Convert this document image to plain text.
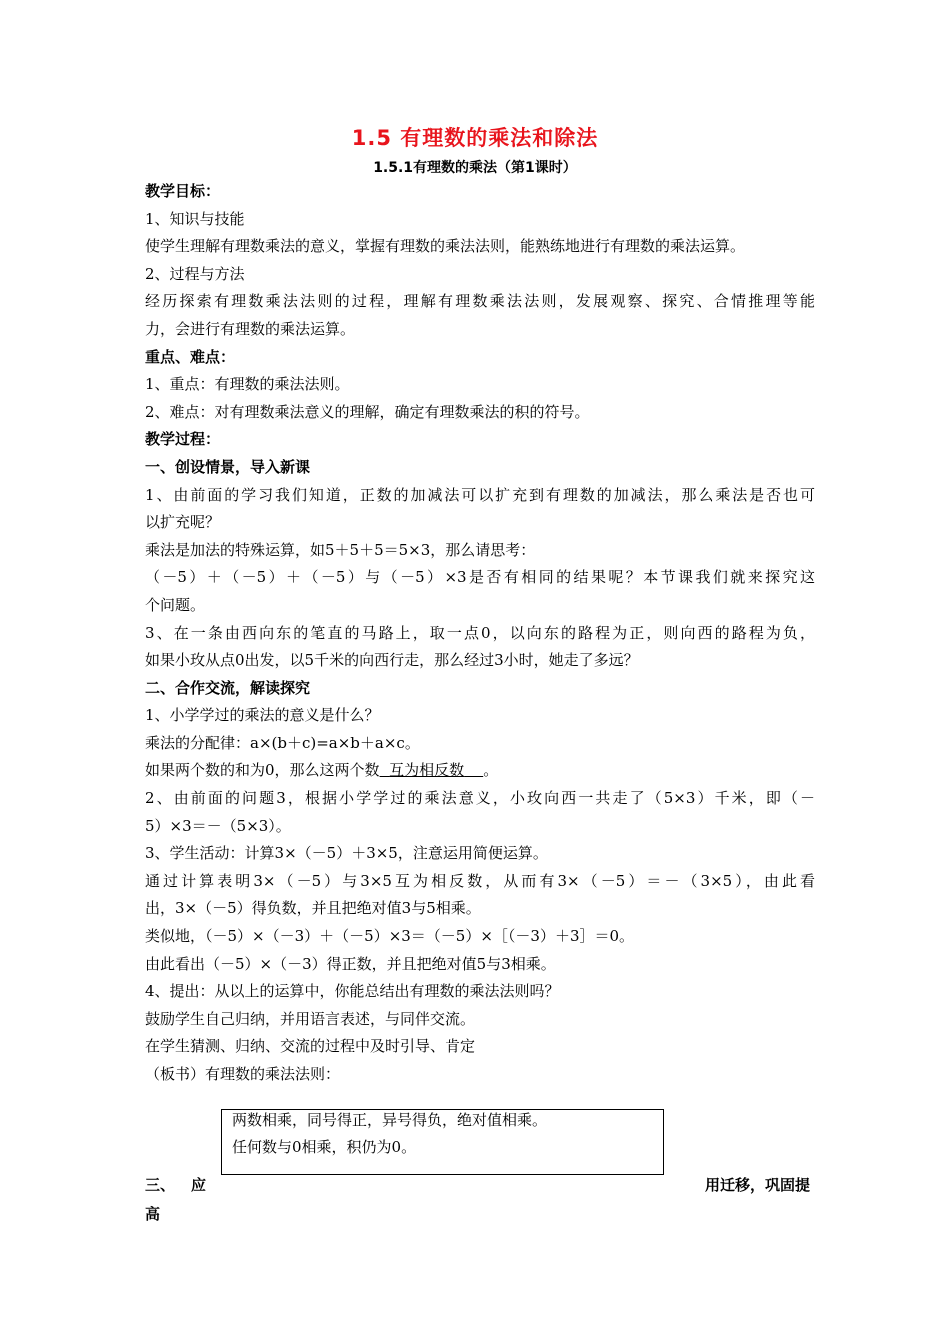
1.5 有理数的乘法和除法
1.5.1有理数的乘法（第1课时）
教学目标：
1、知识与技能
使学生理解有理数乘法的意义，掌握有理数的乘法法则，能熟练地进行有理数的乘法运算。
2、过程与方法
经历探索有理数乘法法则的过程，理解有理数乘法法则，发展观察、探究、合情推理等能
力，会进行有理数的乘法运算。
重点、难点：
1、重点：有理数的乘法法则。
2、难点：对有理数乘法意义的理解，确定有理数乘法的积的符号。
教学过程：
一、创设情景，导入新课
1、由前面的学习我们知道，正数的加减法可以扩充到有理数的加减法，那么乘法是否也可
以扩充呢？
乘法是加法的特殊运算，如5＋5＋5＝5×3，那么请思考：
（－5）＋（－5）＋（－5）与（－5）×3是否有相同的结果呢？本节课我们就来探究这
个问题。
3、在一条由西向东的笔直的马路上，取一点0，以向东的路程为正，则向西的路程为负，
如果小玫从点0出发，以5千米的向西行走，那么经过3小时，她走了多远？
二、合作交流，解读探究
1、小学学过的乘法的意义是什么？
乘法的分配律：a×(b＋c)=a×b＋a×c。
如果两个数的和为0，那么这两个数 互为相反数 。
2、由前面的问题3，根据小学学过的乘法意义，小玫向西一共走了（5×3）千米，即（－
5）×3＝－（5×3）。
3、学生活动：计算3×（－5）＋3×5，注意运用简便运算。
通过计算表明3×（－5）与3×5互为相反数，从而有3×（－5）＝－（3×5），由此看
出，3×（－5）得负数，并且把绝对值3与5相乘。
类似地，（－5）×（－3）＋（－5）×3＝（－5）×［（－3）＋3］＝0。
由此看出（－5）×（－3）得正数，并且把绝对值5与3相乘。
4、提出：从以上的运算中，你能总结出有理数的乘法法则吗？
鼓励学生自己归纳，并用语言表述，与同伴交流。
在学生猜测、归纳、交流的过程中及时引导、肯定
（板书）有理数的乘法法则：
两数相乘，同号得正，异号得负，绝对值相乘。
任何数与0相乘，积仍为0。
三、 应	用迁移，巩固提
高
